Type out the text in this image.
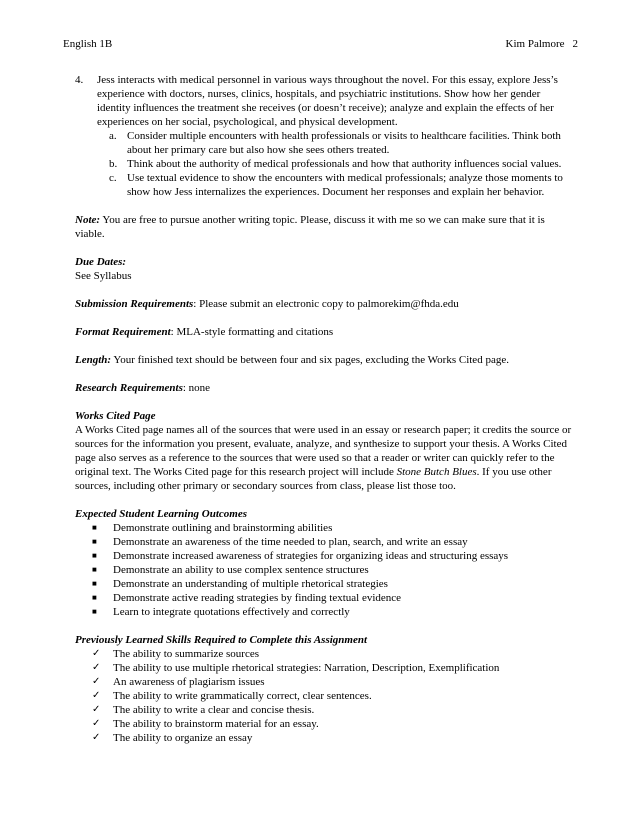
English 1B	Kim Palmore 2
4. Jess interacts with medical personnel in various ways throughout the novel. For this essay, explore Jess’s experience with doctors, nurses, clinics, hospitals, and psychiatric institutions. Show how her gender identity influences the treatment she receives (or doesn’t receive); analyze and explain the effects of her experiences on her social, psychological, and physical development.
a. Consider multiple encounters with health professionals or visits to healthcare facilities. Think both about her primary care but also how she sees others treated.
b. Think about the authority of medical professionals and how that authority influences social values.
c. Use textual evidence to show the encounters with medical professionals; analyze those moments to show how Jess internalizes the experiences. Document her responses and explain her behavior.
Note: You are free to pursue another writing topic. Please, discuss it with me so we can make sure that it is viable.
Due Dates:
See Syllabus
Submission Requirements: Please submit an electronic copy to palmorekim@fhda.edu
Format Requirement: MLA-style formatting and citations
Length: Your finished text should be between four and six pages, excluding the Works Cited page.
Research Requirements: none
Works Cited Page
A Works Cited page names all of the sources that were used in an essay or research paper; it credits the source or sources for the information you present, evaluate, analyze, and synthesize to support your thesis. A Works Cited page also serves as a reference to the sources that were used so that a reader or writer can quickly refer to the original text. The Works Cited page for this research project will include Stone Butch Blues. If you use other sources, including other primary or secondary sources from class, please list those too.
Expected Student Learning Outcomes
■ Demonstrate outlining and brainstorming abilities
■ Demonstrate an awareness of the time needed to plan, search, and write an essay
■ Demonstrate increased awareness of strategies for organizing ideas and structuring essays
■ Demonstrate an ability to use complex sentence structures
■ Demonstrate an understanding of multiple rhetorical strategies
■ Demonstrate active reading strategies by finding textual evidence
■ Learn to integrate quotations effectively and correctly
Previously Learned Skills Required to Complete this Assignment
✓ The ability to summarize sources
✓ The ability to use multiple rhetorical strategies: Narration, Description, Exemplification
✓ An awareness of plagiarism issues
✓ The ability to write grammatically correct, clear sentences.
✓ The ability to write a clear and concise thesis.
✓ The ability to brainstorm material for an essay.
✓ The ability to organize an essay
